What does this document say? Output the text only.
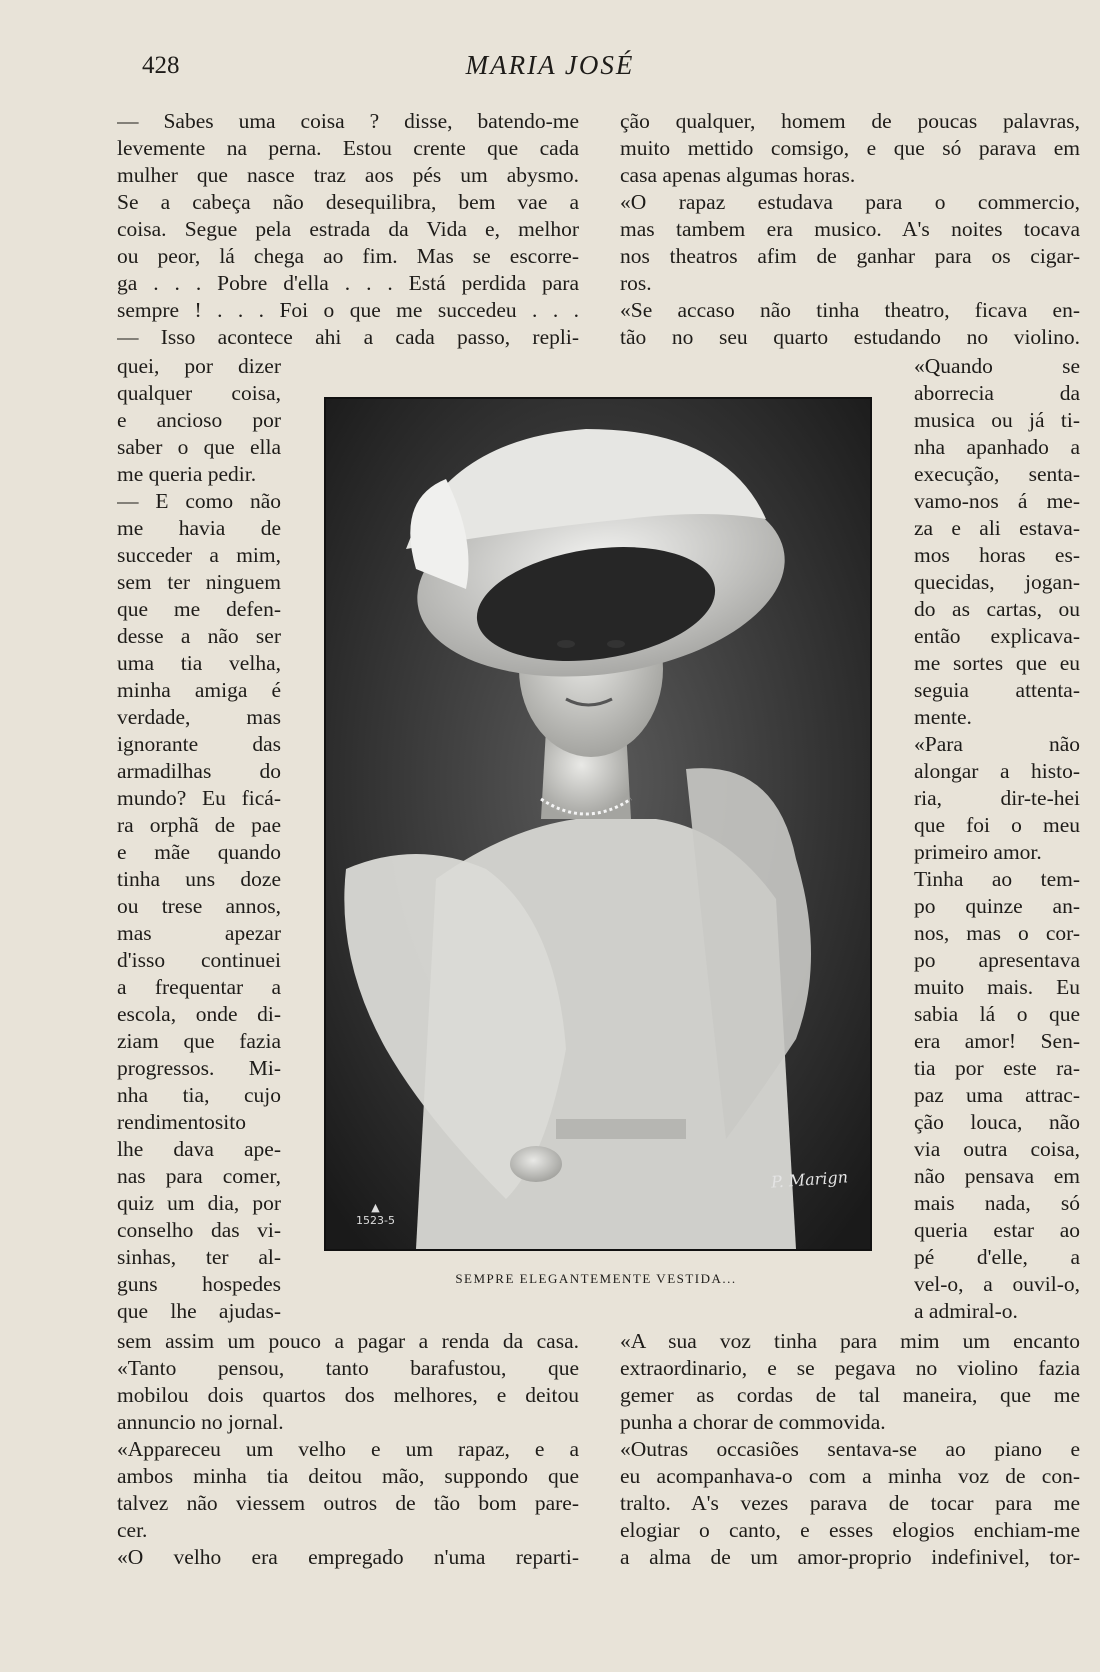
428	MARIA JOSÉ
— Sabes uma coisa ? disse, batendo-me
levemente na perna. Estou crente que cada
mulher que nasce traz aos pés um abysmo.
Se a cabeça não desequilibra, bem vae a
coisa. Segue pela estrada da Vida e, melhor
ou peor, lá chega ao fim. Mas se escorre-
ga . . . Pobre d'ella . . . Está perdida para
sempre ! . . . Foi o que me succedeu . . .
— Isso acontece ahi a cada passo, repli-
quei, por dizer
qualquer coisa,
e ancioso por
saber o que ella
me queria pedir.
— E como não
me havia de
succeder a mim,
sem ter ninguem
que me defen-
desse a não ser
uma tia velha,
minha amiga é
verdade, mas
ignorante das
armadilhas do
mundo? Eu ficá-
ra orphã de pae
e mãe quando
tinha uns doze
ou trese annos,
mas apezar
d'isso continuei
a frequentar a
escola, onde di-
ziam que fazia
progressos. Mi-
nha tia, cujo
rendimentosito
lhe dava ape-
nas para comer,
quiz um dia, por
conselho das vi-
sinhas, ter al-
guns hospedes
que lhe ajudas-
sem assim um pouco a pagar a renda da casa.
«Tanto pensou, tanto barafustou, que
mobilou dois quartos dos melhores, e deitou
annuncio no jornal.
«Appareceu um velho e um rapaz, e a
ambos minha tia deitou mão, suppondo que
talvez não viessem outros de tão bom pare-
cer.
«O velho era empregado n'uma reparti-
ção qualquer, homem de poucas palavras,
muito mettido comsigo, e que só parava em
casa apenas algumas horas.
«O rapaz estudava para o commercio,
mas tambem era musico. A's noites tocava
nos theatros afim de ganhar para os cigar-
ros.
«Se accaso não tinha theatro, ficava en-
tão no seu quarto estudando no violino.
«Quando se
aborrecia da
musica ou já ti-
nha apanhado a
execução, senta-
vamo-nos á me-
za e ali estava-
mos horas es-
quecidas, jogan-
do as cartas, ou
então explicava-
me sortes que eu
seguia attenta-
mente.
«Para não
alongar a histo-
ria, dir-te-hei
que foi o meu
primeiro amor.
Tinha ao tem-
po quinze an-
nos, mas o cor-
po apresentava
muito mais. Eu
sabia lá o que
era amor! Sen-
tia por este ra-
paz uma attrac-
ção louca, não
via outra coisa,
não pensava em
mais nada, só
queria estar ao
pé d'elle, a
vel-o, a ouvil-o,
a admiral-o.
«A sua voz tinha para mim um encanto
extraordinario, e se pegava no violino fazia
gemer as cordas de tal maneira, que me
punha a chorar de commovida.
«Outras occasiões sentava-se ao piano e
eu acompanhava-o com a minha voz de con-
tralto. A's vezes parava de tocar para me
elogiar o canto, e esses elogios enchiam-me
a alma de um amor-proprio indefinivel, tor-
▲
1523-5
P. Marign
SEMPRE ELEGANTEMENTE VESTIDA...
